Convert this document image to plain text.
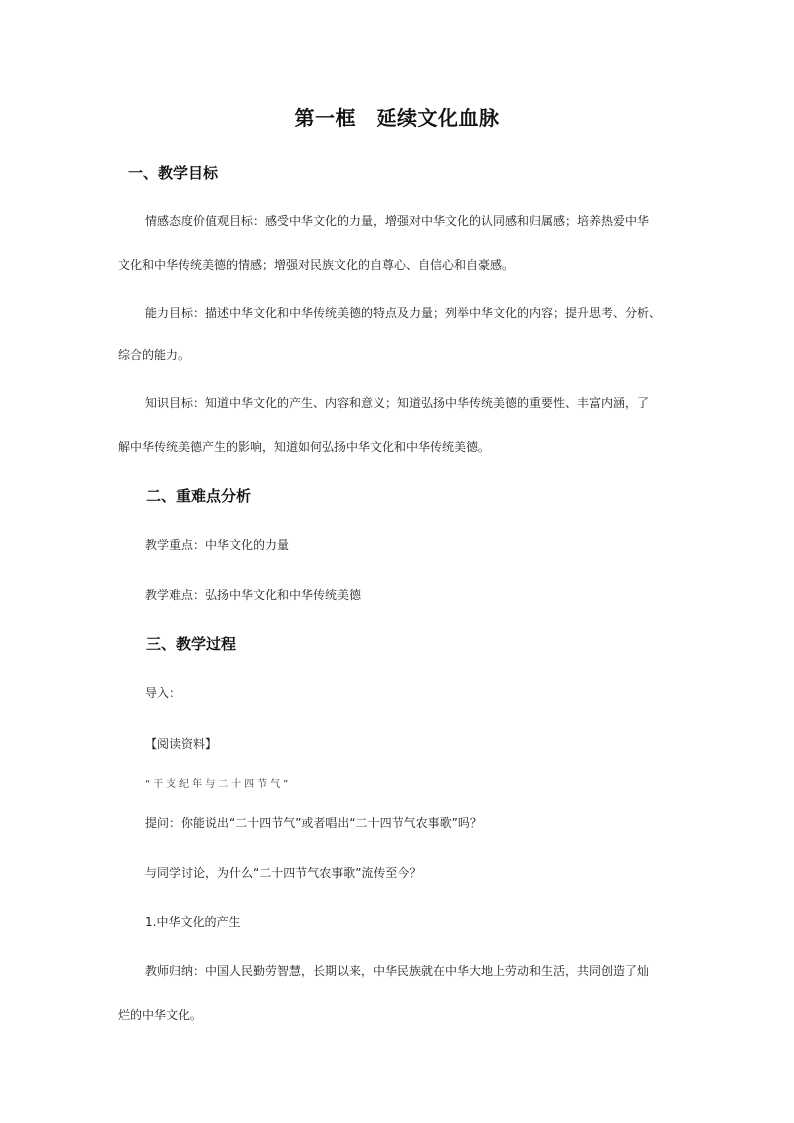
第一框　延续文化血脉
一、教学目标
情感态度价值观目标：感受中华文化的力量，增强对中华文化的认同感和归属感；培养热爱中华
文化和中华传统美德的情感；增强对民族文化的自尊心、自信心和自豪感。
能力目标：描述中华文化和中华传统美德的特点及力量；列举中华文化的内容；提升思考、分析、
综合的能力。
知识目标：知道中华文化的产生、内容和意义；知道弘扬中华传统美德的重要性、丰富内涵，了
解中华传统美德产生的影响，知道如何弘扬中华文化和中华传统美德。
二、重难点分析
教学重点：中华文化的力量
教学难点：弘扬中华文化和中华传统美德
三、教学过程
导入：
【阅读资料】
“干支纪年与二十四节气”
提问：你能说出“二十四节气”或者唱出“二十四节气农事歌”吗？
与同学讨论，为什么“二十四节气农事歌”流传至今？
1.中华文化的产生
教师归纳：中国人民勤劳智慧，长期以来，中华民族就在中华大地上劳动和生活，共同创造了灿
烂的中华文化。
